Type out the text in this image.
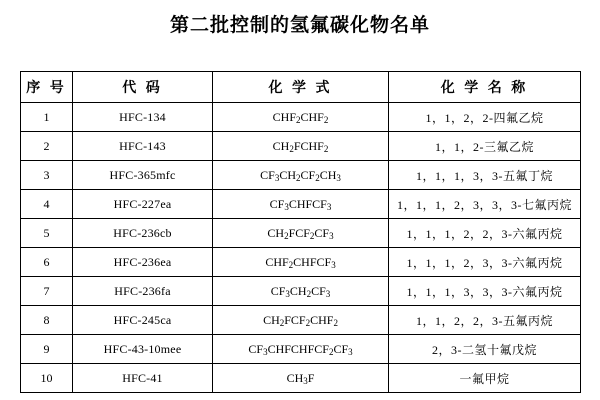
第二批控制的氢氟碳化物名单
序 号	代 码	化 学 式	化 学 名 称
1	HFC-134	$CHF_2CHF_2$	1，1，2，2-四氟乙烷
2	HFC-143	$CH_2FCHF_2$	1，1，2-三氟乙烷
3	HFC-365mfc	$CF_3CH_2CF_2CH_3$	1，1，1，3，3-五氟丁烷
4	HFC-227ea	$CF_3CHFCF_3$	1，1，1，2，3，3，3-七氟丙烷
5	HFC-236cb	$CH_2FCF_2CF_3$	1，1，1，2，2，3-六氟丙烷
6	HFC-236ea	$CHF_2CHFCF_3$	1，1，1，2，3，3-六氟丙烷
7	HFC-236fa	$CF_3CH_2CF_3$	1，1，1，3，3，3-六氟丙烷
8	HFC-245ca	$CH_2FCF_2CHF_2$	1，1，2，2，3-五氟丙烷
9	HFC-43-10mee	$CF_3CHFCHFCF_2CF_3$	2，3-二氢十氟戊烷
10	HFC-41	$CH_3F$	一氟甲烷
